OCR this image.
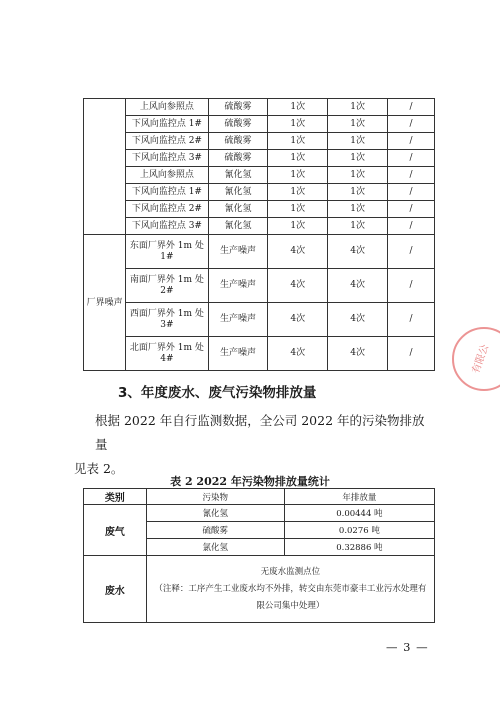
	上风向参照点	硫酸雾	1次	1次	/
	下风向监控点 1#	硫酸雾	1次	1次	/
	下风向监控点 2#	硫酸雾	1次	1次	/
	下风向监控点 3#	硫酸雾	1次	1次	/
	上风向参照点	氰化氢	1次	1次	/
	下风向监控点 1#	氰化氢	1次	1次	/
	下风向监控点 2#	氰化氢	1次	1次	/
	下风向监控点 3#	氰化氢	1次	1次	/
厂界噪声	东面厂界外 1m 处 1#	生产噪声	4次	4次	/
	南面厂界外 1m 处 2#	生产噪声	4次	4次	/
	西面厂界外 1m 处 3#	生产噪声	4次	4次	/
	北面厂界外 1m 处 4#	生产噪声	4次	4次	/
3、年度废水、废气污染物排放量
根据 2022 年自行监测数据，全公司 2022 年的污染物排放量
见表 2。
表 2 2022 年污染物排放量统计
类别	污染物	年排放量
废气	氰化氢	0.00444 吨
	硫酸雾	0.0276 吨
	氯化氢	0.32886 吨
废水	无废水监测点位
（注释：工序产生工业废水均不外排，转交由东莞市豪丰工业污水处理有限公司集中处理）	
有限公
— 3 —
